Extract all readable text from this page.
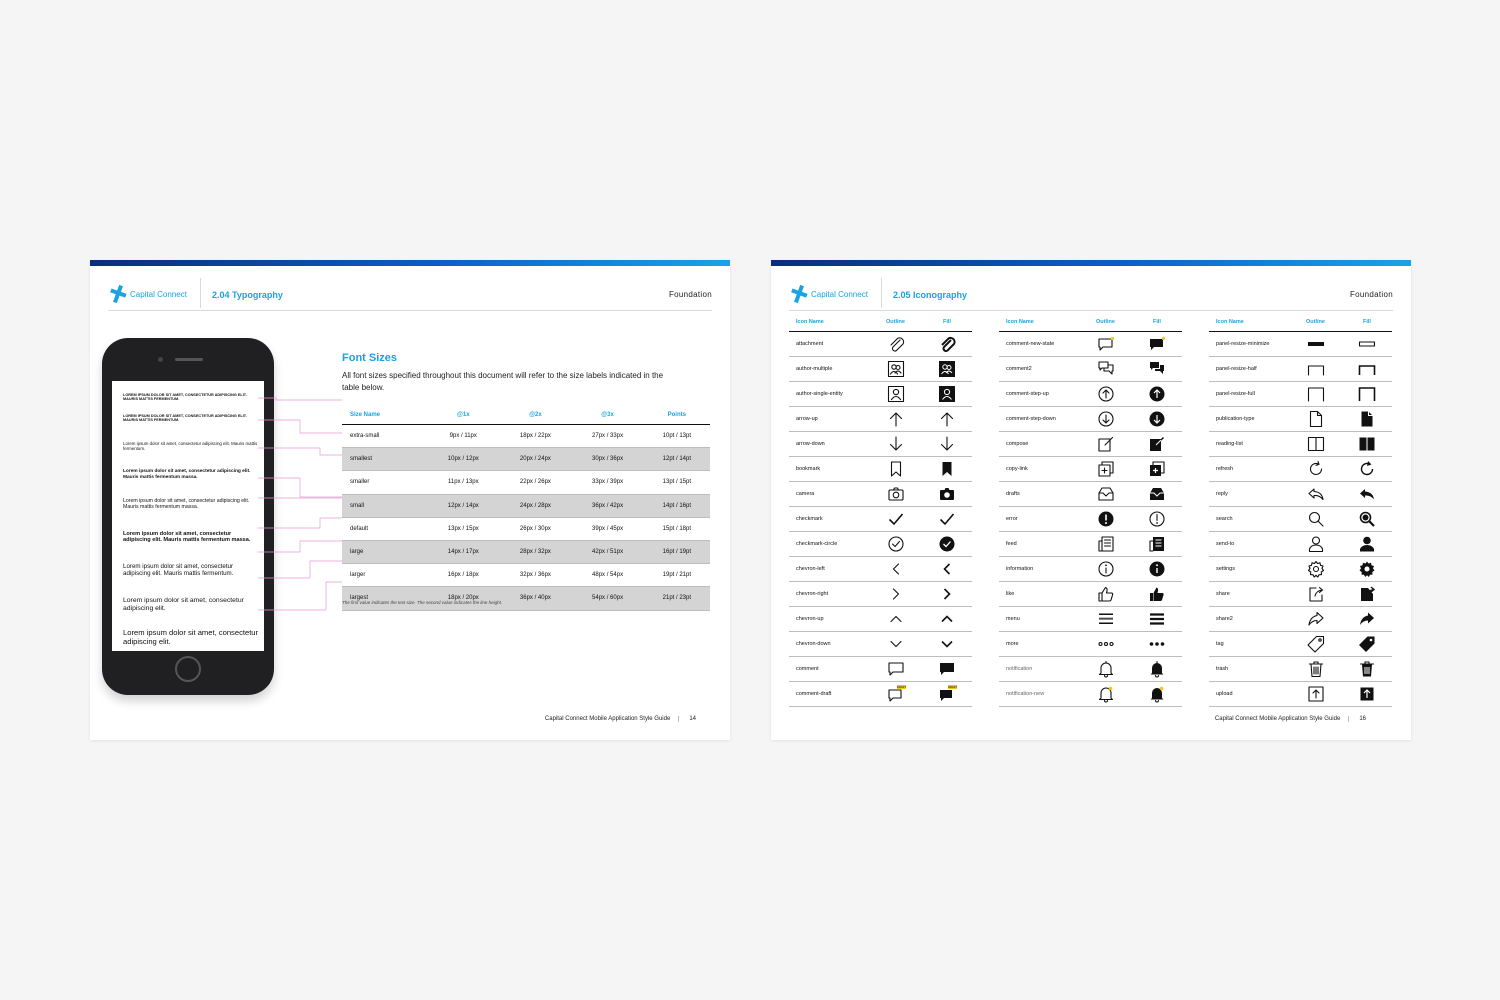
Capital Connect	2.04 Typography	Foundation
LOREM IPSUM DOLOR SIT AMET, CONSECTETUR ADIPISCING ELIT. MAURIS MATTIS FERMENTUM.
LOREM IPSUM DOLOR SIT AMET, CONSECTETUR ADIPISCING ELIT. MAURIS MATTIS FERMENTUM.
Lorem ipsum dolor sit amet, consectetur adipiscing elit. Mauris mattis fermentum.
Lorem ipsum dolor sit amet, consectetur adipiscing elit. Mauris mattis fermentum massa.
Lorem ipsum dolor sit amet, consectetur adipiscing elit. Mauris mattis fermentum massa.
Lorem ipsum dolor sit amet, consectetur adipiscing elit. Mauris mattis fermentum massa.
Lorem ipsum dolor sit amet, consectetur adipiscing elit. Mauris mattis fermentum.
Lorem ipsum dolor sit amet, consectetur adipiscing elit.
Lorem ipsum dolor sit amet, consectetur adipiscing elit.
Font Sizes
All font sizes specified throughout this document will refer to the size labels indicated in the table below.
Size Name	@1x	@2x	@3x	Points
extra-small	9px / 11px	18px / 22px	27px / 33px	10pt / 13pt
smallest	10px / 12px	20px / 24px	30px / 36px	12pt / 14pt
smaller	11px / 13px	22px / 26px	33px / 39px	13pt / 15pt
small	12px / 14px	24px / 28px	36px / 42px	14pt / 16pt
default	13px / 15px	26px / 30px	39px / 45px	15pt / 18pt
large	14px / 17px	28px / 32px	42px / 51px	16pt / 19pt
larger	16px / 18px	32px / 36px	48px / 54px	19pt / 21pt
largest	18px / 20px	36px / 40px	54px / 60px	21pt / 23pt
The first value indicates the text size. The second value indicates the line height.
Capital Connect Mobile Application Style Guide	14
Capital Connect	2.05 Iconography	Foundation
Icon Name	Outline	Fill
attachment
author-multiple
author-single-entity
arrow-up
arrow-down
bookmark
camera
checkmark
checkmark-circle
chevron-left
chevron-right
chevron-up
chevron-down
comment
comment-draft
DRAFT	DRAFT
Icon Name	Outline	Fill
comment-new-state
comment2
comment-step-up
comment-step-down
compose
copy-link
drafts
error
feed
information
like
menu
more
notification
notification-new
Icon Name	Outline	Fill
panel-resize-minimize
panel-resize-half
panel-resize-full
publication-type
reading-list
refresh
reply
search
send-to
settings
share
share2
tag
trash
upload
Capital Connect Mobile Application Style Guide	16
